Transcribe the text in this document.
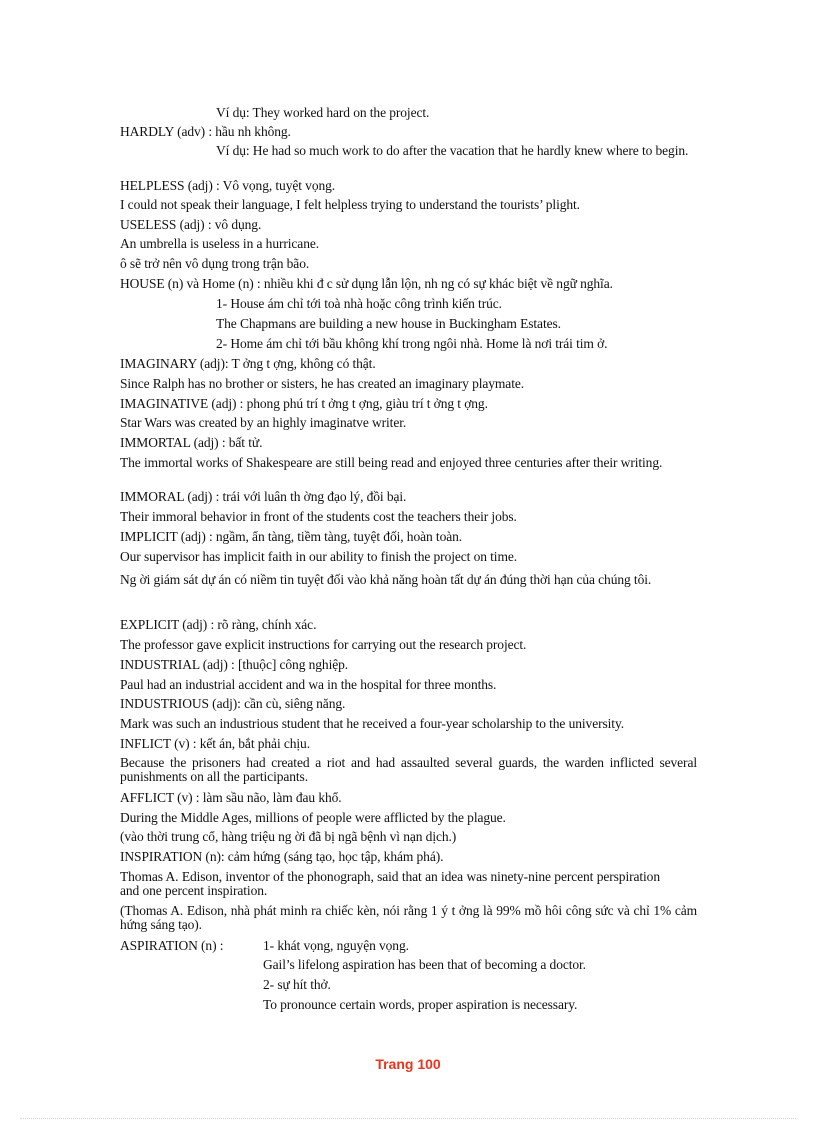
Ví dụ: They worked hard on the project.
HARDLY (adv) : hầu nh không.
Ví dụ: He had so much work to do after the vacation that he hardly knew where to begin.
HELPLESS (adj) : Vô vọng, tuyệt vọng.
I could not speak their language, I felt helpless trying to understand the tourists’ plight.
USELESS (adj) : vô dụng.
An umbrella is useless in a hurricane.
ô sẽ trở nên vô dụng trong trận bão.
HOUSE (n) và Home (n) : nhiều khi đ c sử dụng lẫn lộn, nh ng có sự khác biệt về ngữ nghĩa.
1- House ám chỉ tới toà nhà hoặc công trình kiến trúc.
The Chapmans are building a new house in Buckingham Estates.
2- Home ám chỉ tới bầu không khí trong ngôi nhà. Home là nơi trái tim ở.
IMAGINARY (adj): T ởng t ợng, không có thật.
Since Ralph has no brother or sisters, he has created an imaginary playmate.
IMAGINATIVE (adj) : phong phú trí t ởng t ợng, giàu trí t ởng t ợng.
Star Wars was created by an highly imaginatve writer.
IMMORTAL (adj) : bất tử.
The immortal works of Shakespeare are still being read and enjoyed three centuries after their writing.
IMMORAL (adj) : trái với luân th ờng đạo lý, đồi bại.
Their immoral behavior in front of the students cost the teachers their jobs.
IMPLICIT (adj) : ngầm, ẩn tàng, tiềm tàng, tuyệt đối, hoàn toàn.
Our supervisor has implicit faith in our ability to finish the project on time.
Ng ời giám sát dự án có niềm tin tuyệt đối vào khả năng hoàn tất dự án đúng thời hạn của chúng tôi.
EXPLICIT (adj) : rõ ràng, chính xác.
The professor gave explicit instructions for carrying out the research project.
INDUSTRIAL (adj) : [thuộc] công nghiệp.
Paul had an industrial accident and wa in the hospital for three months.
INDUSTRIOUS (adj): cần cù, siêng năng.
Mark was such an industrious student that he received a four-year scholarship to the university.
INFLICT (v) : kết án, bắt phải chịu.
Because the prisoners had created a riot and had assaulted several guards, the warden inflicted several punishments on all the participants.
AFFLICT (v) : làm sầu não, làm đau khổ.
During the Middle Ages, millions of people were afflicted by the plague.
(vào thời trung cổ, hàng triệu ng ời đã bị ngã bệnh vì nạn dịch.)
INSPIRATION (n): cảm hứng (sáng tạo, học tập, khám phá).
Thomas A. Edison, inventor of the phonograph, said that an idea was ninety-nine percent perspiration and one percent inspiration.
(Thomas A. Edison, nhà phát minh ra chiếc kèn, nói rằng 1 ý t ởng là 99% mồ hôi công sức và chỉ 1% cảm hứng sáng tạo).
ASPIRATION (n) :	1- khát vọng, nguyện vọng.
Gail’s lifelong aspiration has been that of becoming a doctor.
2- sự hít thở.
To pronounce certain words, proper aspiration is necessary.
Trang 100
